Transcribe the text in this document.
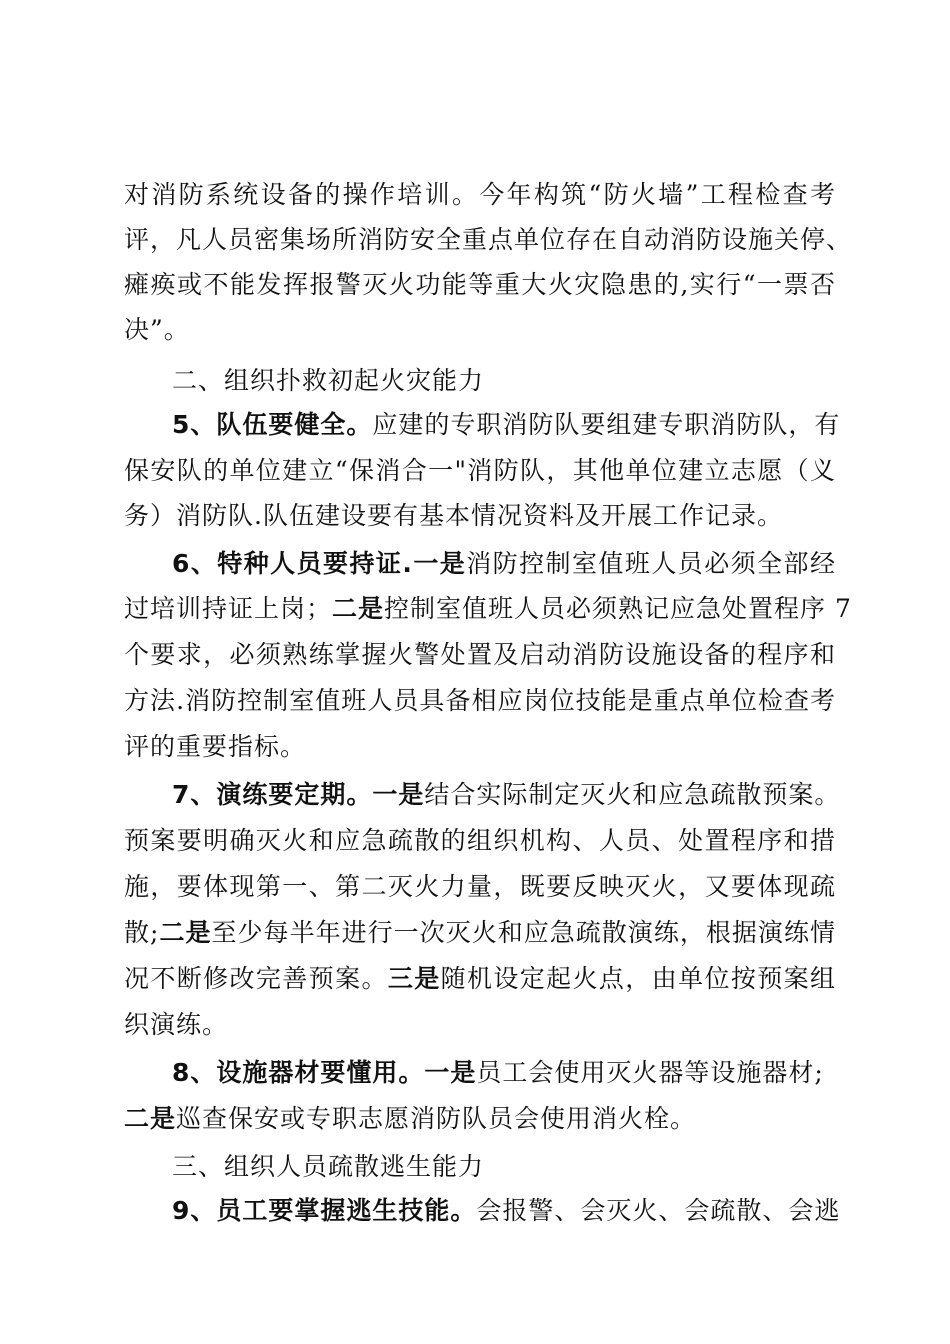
对消防系统设备的操作培训。今年构筑“防火墙”工程检查考
评，凡人员密集场所消防安全重点单位存在自动消防设施关停、
瘫痪或不能发挥报警灭火功能等重大火灾隐患的,实行“一票否
决”。
二、组织扑救初起火灾能力
5、队伍要健全。应建的专职消防队要组建专职消防队，有
保安队的单位建立“保消合一"消防队，其他单位建立志愿（义
务）消防队.队伍建设要有基本情况资料及开展工作记录。
6、特种人员要持证.一是消防控制室值班人员必须全部经
过培训持证上岗；二是控制室值班人员必须熟记应急处置程序 7
个要求，必须熟练掌握火警处置及启动消防设施设备的程序和
方法.消防控制室值班人员具备相应岗位技能是重点单位检查考
评的重要指标。
7、演练要定期。一是结合实际制定灭火和应急疏散预案。
预案要明确灭火和应急疏散的组织机构、人员、处置程序和措
施，要体现第一、第二灭火力量，既要反映灭火，又要体现疏
散;二是至少每半年进行一次灭火和应急疏散演练，根据演练情
况不断修改完善预案。三是随机设定起火点，由单位按预案组
织演练。
8、设施器材要懂用。一是员工会使用灭火器等设施器材;
二是巡查保安或专职志愿消防队员会使用消火栓。
三、组织人员疏散逃生能力
9、员工要掌握逃生技能。会报警、会灭火、会疏散、会逃
